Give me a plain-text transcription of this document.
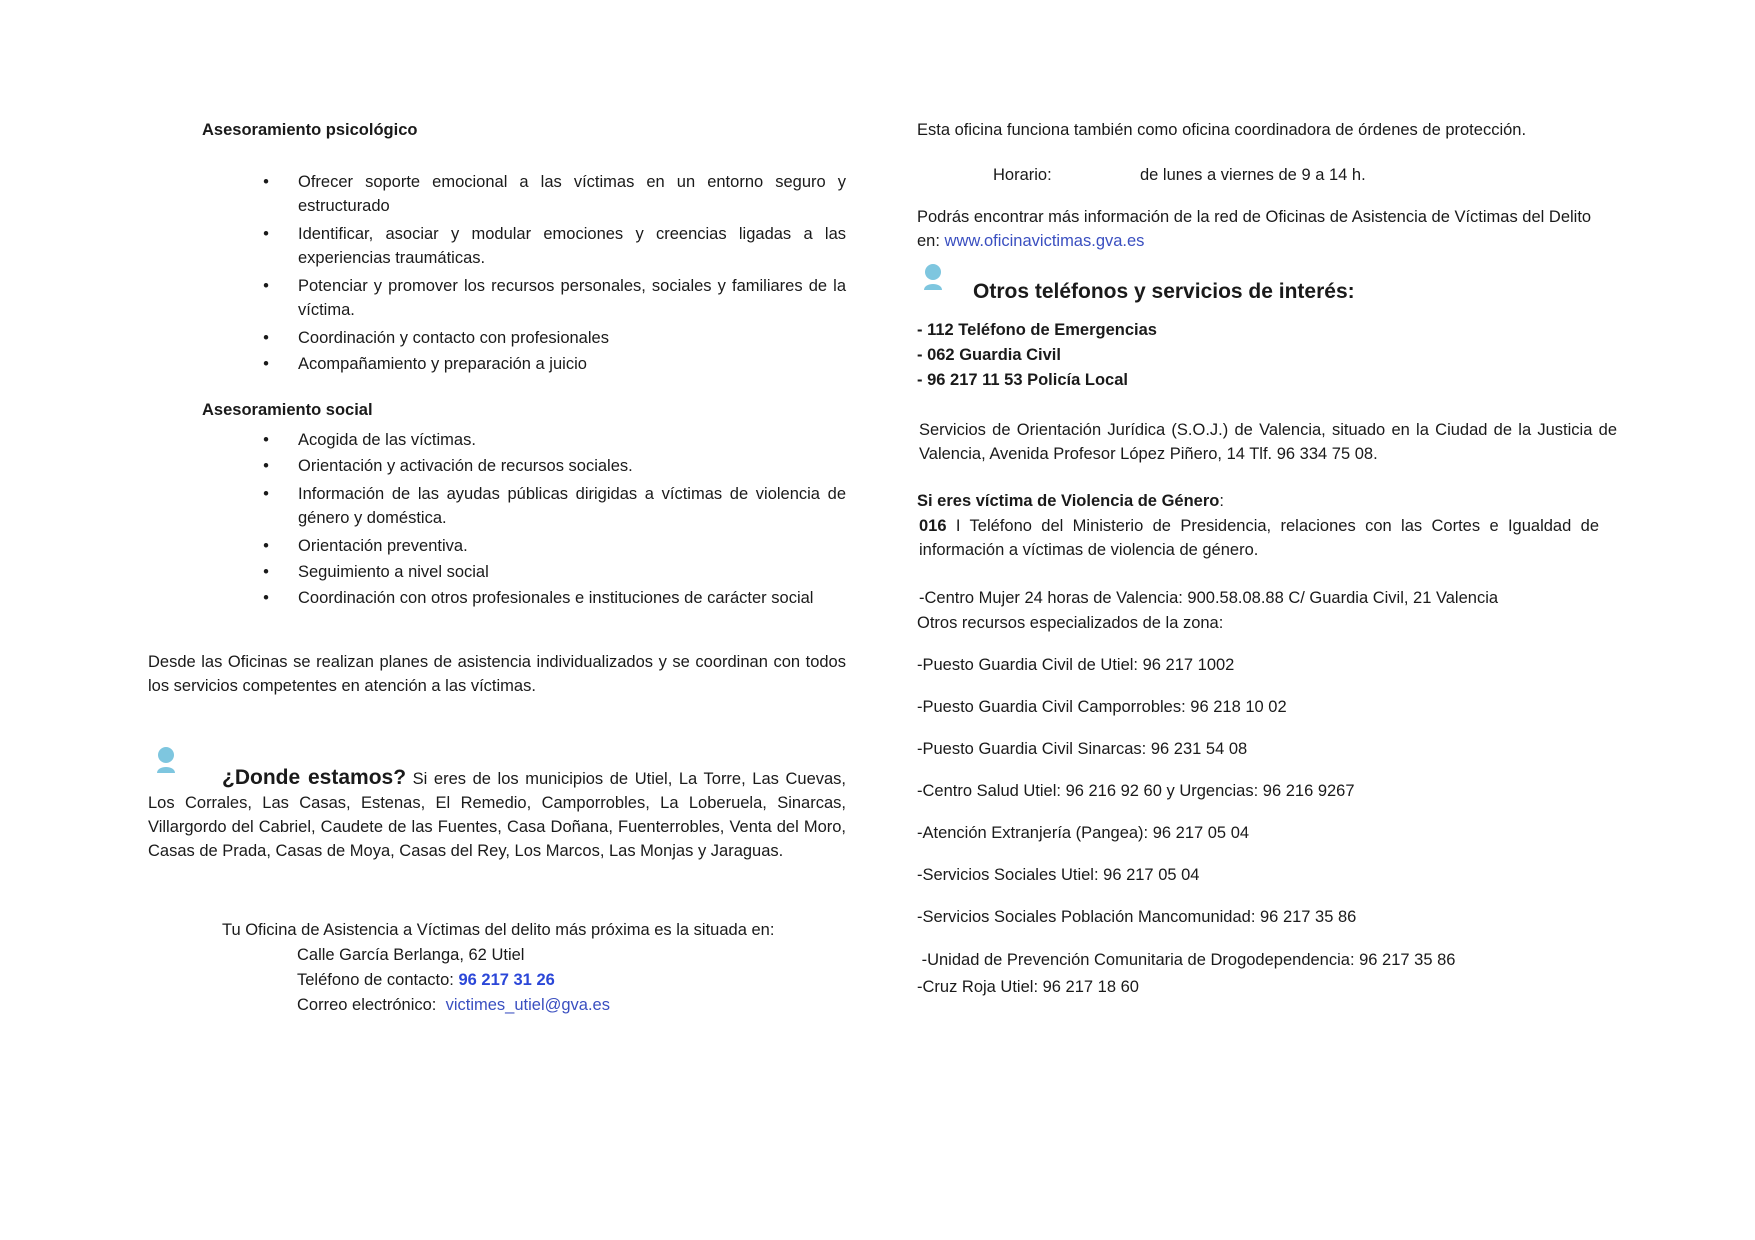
Asesoramiento psicológico
• Ofrecer soporte emocional a las víctimas en un entorno seguro y estructurado
• Identificar, asociar y modular emociones y creencias ligadas a las experiencias traumáticas.
• Potenciar y promover los recursos personales, sociales y familiares de la víctima.
• Coordinación y contacto con profesionales
• Acompañamiento y preparación a juicio
Asesoramiento social
• Acogida de las víctimas.
• Orientación y activación de recursos sociales.
• Información de las ayudas públicas dirigidas a víctimas de violencia de género y doméstica.
• Orientación preventiva.
• Seguimiento a nivel social
• Coordinación con otros profesionales e instituciones de carácter social
Desde las Oficinas se realizan planes de asistencia individualizados y se coordinan con todos los servicios competentes en atención a las víctimas.
¿Donde estamos? Si eres de los municipios de Utiel, La Torre, Las Cuevas, Los Corrales, Las Casas, Estenas, El Remedio, Camporrobles, La Loberuela, Sinarcas, Villargordo del Cabriel, Caudete de las Fuentes, Casa Doñana, Fuenterrobles, Venta del Moro, Casas de Prada, Casas de Moya, Casas del Rey, Los Marcos, Las Monjas y Jaraguas.
Tu Oficina de Asistencia a Víctimas del delito más próxima es la situada en:
Calle García Berlanga, 62 Utiel
Teléfono de contacto: 96 217 31 26
Correo electrónico:  victimes_utiel@gva.es
Esta oficina funciona también como oficina coordinadora de órdenes de protección.
Horario:	de lunes a viernes de 9 a 14 h.
Podrás encontrar más información de la red de Oficinas de Asistencia de Víctimas del Delito en: www.oficinavictimas.gva.es
Otros teléfonos y servicios de interés:
- 112 Teléfono de Emergencias
- 062 Guardia Civil
- 96 217 11 53 Policía Local
Servicios de Orientación Jurídica (S.O.J.) de Valencia, situado en la Ciudad de la Justicia de Valencia, Avenida Profesor López Piñero, 14 Tlf. 96 334 75 08.
Si eres víctima de Violencia de Género:
016 I Teléfono del Ministerio de Presidencia, relaciones con las Cortes e Igualdad de información a víctimas de violencia de género.
-Centro Mujer 24 horas de Valencia: 900.58.08.88 C/ Guardia Civil, 21 Valencia
Otros recursos especializados de la zona:
-Puesto Guardia Civil de Utiel: 96 217 1002
-Puesto Guardia Civil Camporrobles: 96 218 10 02
-Puesto Guardia Civil Sinarcas: 96 231 54 08
-Centro Salud Utiel: 96 216 92 60 y Urgencias: 96 216 9267
-Atención Extranjería (Pangea): 96 217 05 04
-Servicios Sociales Utiel: 96 217 05 04
-Servicios Sociales Población Mancomunidad: 96 217 35 86
-Unidad de Prevención Comunitaria de Drogodependencia: 96 217 35 86
-Cruz Roja Utiel: 96 217 18 60
